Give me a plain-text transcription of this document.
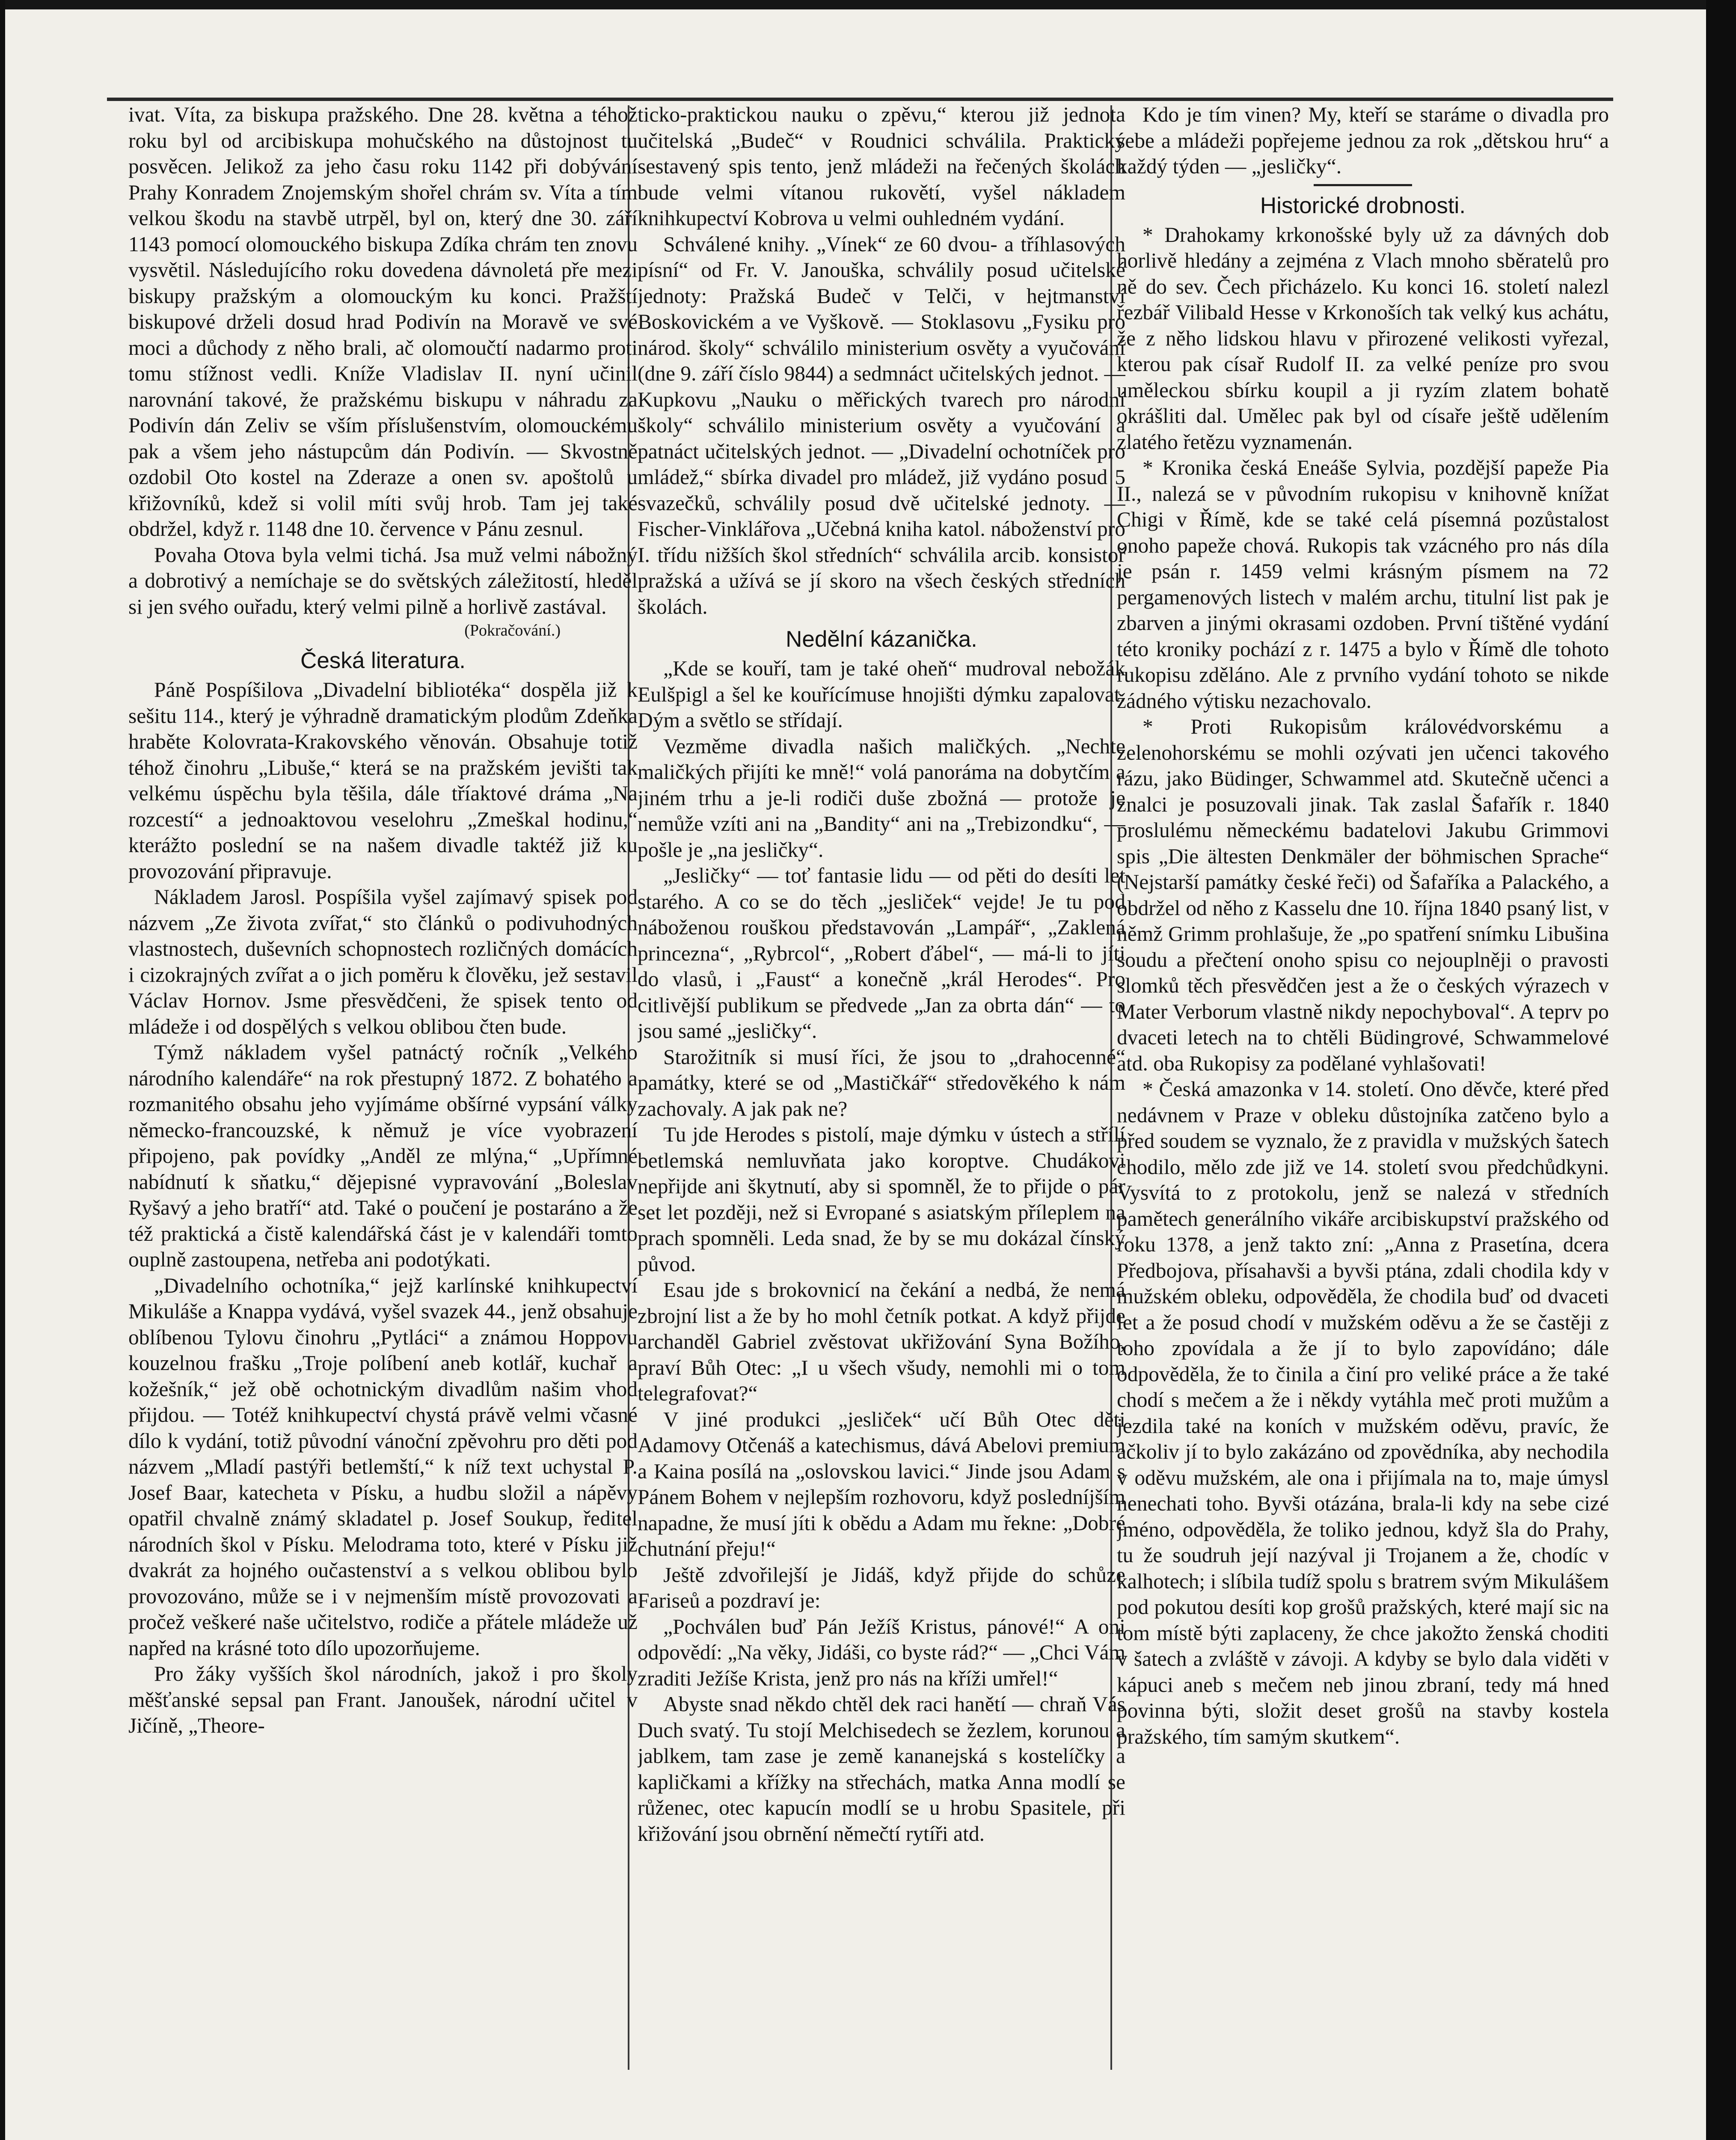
ivat. Víta, za biskupa pražského. Dne 28. května a téhož roku byl od arcibiskupa mohučského na důstojnost tu posvěcen. Jelikož za jeho času roku 1142 při dobývání Prahy Konradem Znojemským shořel chrám sv. Víta a tím velkou škodu na stavbě utrpěl, byl on, který dne 30. září 1143 pomocí olomouckého biskupa Zdíka chrám ten znovu vysvětil. Následujícího roku dovedena dávnoletá pře mezi biskupy pražským a olomouckým ku konci. Pražští biskupové drželi dosud hrad Podivín na Moravě ve své moci a důchody z něho brali, ač olomoučtí nadarmo proti tomu stížnost vedli. Kníže Vladislav II. nyní učinil narovnání takové, že pražskému biskupu v náhradu za Podivín dán Zeliv se vším příslušenstvím, olomouckému pak a všem jeho nástupcům dán Podivín. — Skvostně ozdobil Oto kostel na Zderaze a onen sv. apoštolů u křižovníků, kdež si volil míti svůj hrob. Tam jej také obdržel, když r. 1148 dne 10. července v Pánu zesnul.

Povaha Otova byla velmi tichá. Jsa muž velmi nábožný a dobrotivý a nemíchaje se do světských záležitostí, hleděl si jen svého ouřadu, který velmi pilně a horlivě zastával.

(Pokračování.)
Česká literatura.

Páně Pospíšilova „Divadelní bibliotéka“ dospěla již k sešitu 114., který je výhradně dramatickým plodům Zdeňka hraběte Kolovrata-Krakovského věnován. Obsahuje totiž téhož činohru „Libuše,“ která se na pražském jevišti tak velkému úspěchu byla těšila, dále tříaktové dráma „Na rozcestí“ a jednoaktovou veselohru „Zmeškal hodinu,“ kterážto poslední se na našem divadle taktéž již ku provozování připravuje.

Nákladem Jarosl. Pospíšila vyšel zajímavý spisek pod názvem „Ze života zvířat,“ sto článků o podivuhodných vlastnostech, duševních schopnostech rozličných domácích i cizokrajných zvířat a o jich poměru k člověku, jež sestavil Václav Hornov. Jsme přesvědčeni, že spisek tento od mládeže i od dospělých s velkou oblibou čten bude.

Týmž nákladem vyšel patnáctý ročník „Velkého národního kalendáře“ na rok přestupný 1872. Z bohatého a rozmanitého obsahu jeho vyjímáme obšírné vypsání války německo-francouzské, k němuž je více vyobrazení připojeno, pak povídky „Anděl ze mlýna,“ „Upřímné nabídnutí k sňatku,“ dějepisné vypravování „Boleslav Ryšavý a jeho bratří“ atd. Také o poučení je postaráno a že též praktická a čistě kalendářská část je v kalendáři tomto ouplně zastoupena, netřeba ani podotýkati.

„Divadelního ochotníka,“ jejž karlínské knihkupectví Mikuláše a Knappa vydává, vyšel svazek 44., jenž obsahuje oblíbenou Tylovu činohru „Pytláci“ a známou Hoppovu kouzelnou frašku „Troje políbení aneb kotlář, kuchař a kožešník,“ jež obě ochotnickým divadlům našim vhod přijdou. — Totéž knihkupectví chystá právě velmi včasné dílo k vydání, totiž původní vánoční zpěvohru pro děti pod názvem „Mladí pastýři betlemští,“ k níž text uchystal P. Josef Baar, katecheta v Písku, a hudbu složil a nápěvy opatřil chvalně známý skladatel p. Josef Soukup, ředitel národních škol v Písku. Melodrama toto, které v Písku již dvakrát za hojného oučastenství a s velkou oblibou bylo provozováno, může se i v nejmenším místě provozovati a pročež veškeré naše učitelstvo, rodiče a přátele mládeže už napřed na krásné toto dílo upozorňujeme.

Pro žáky vyšších škol národních, jakož i pro školy měšťanské sepsal pan Frant. Janoušek, národní učitel v Jičíně, „Theore-

ticko-praktickou nauku o zpěvu,“ kterou již jednota učitelská „Budeč“ v Roudnici schválila. Praktický sestavený spis tento, jenž mládeži na řečených školách bude velmi vítanou rukovětí, vyšel nákladem knihkupectví Kobrova u velmi ouhledném vydání.

Schválené knihy. „Vínek“ ze 60 dvou- a tříhlasových písní“ od Fr. V. Janouška, schválily posud učitelské jednoty: Pražská Budeč v Telči, v hejtmanství Boskovickém a ve Vyškově. — Stoklasovu „Fysiku pro národ. školy“ schválilo ministerium osvěty a vyučování (dne 9. září číslo 9844) a sedmnáct učitelských jednot. — Kupkovu „Nauku o měřických tvarech pro národní školy“ schválilo ministerium osvěty a vyučování a patnáct učitelských jednot. — „Divadelní ochotníček pro mládež,“ sbírka divadel pro mládež, již vydáno posud 5 svazečků, schválily posud dvě učitelské jednoty. — Fischer-Vinklářova „Učebná kniha katol. náboženství pro I. třídu nižších škol středních“ schválila arcib. konsistoř pražská a užívá se jí skoro na všech českých středních školách.

Nedělní kázanička.

„Kde se kouří, tam je také oheň“ mudroval nebožák Eulšpigl a šel ke kouřícímuse hnojišti dýmku zapalovat. Dým a světlo se střídají.

Vezměme divadla našich maličkých. „Nechte maličkých přijíti ke mně!“ volá panoráma na dobytčím a jiném trhu a je-li rodiči duše zbožná — protože je nemůže vzíti ani na „Bandity“ ani na „Trebizondku“, — pošle je „na jesličky“.

„Jesličky“ — toť fantasie lidu — od pěti do desíti let starého. A co se do těch „jesliček“ vejde! Je tu pod náboženou rouškou představován „Lampář“, „Zaklená princezna“, „Rybrcol“, „Robert ďábel“, — má-li to jíti do vlasů, i „Faust“ a konečně „král Herodes“. Pro citlivější publikum se předvede „Jan za obrta dán“ — to jsou samé „jesličky“.

Starožitník si musí říci, že jsou to „drahocenné“ památky, které se od „Mastičkář“ středověkého k nám zachovaly. A jak pak ne?

Tu jde Herodes s pistolí, maje dýmku v ústech a střílí betlemská nemluvňata jako koroptve. Chudákovi nepřijde ani škytnutí, aby si spomněl, že to přijde o pár set let později, než si Evropané s asiatským příleplem na prach spomněli. Leda snad, že by se mu dokázal čínský původ.

Esau jde s brokovnicí na čekání a nedbá, že nemá zbrojní list a že by ho mohl četník potkat. A když přijde archanděl Gabriel zvěstovat ukřižování Syna Božího, praví Bůh Otec: „I u všech všudy, nemohli mi o tom telegrafovat?“

V jiné produkci „jesliček“ učí Bůh Otec děti Adamovy Otčenáš a katechismus, dává Abelovi premium a Kaina posílá na „oslovskou lavici.“ Jinde jsou Adam s Pánem Bohem v nejlepším rozhovoru, když posledníjším napadne, že musí jíti k obědu a Adam mu řekne: „Dobré chutnání přeju!“

Ještě zdvořilejší je Jidáš, když přijde do schůze Fariseů a pozdraví je:

„Pochválen buď Pán Ježíš Kristus, pánové!“ A oni odpovědí: „Na věky, Jidáši, co byste rád?“ — „Chci Vám zraditi Ježíše Krista, jenž pro nás na kříži umřel!“

Abyste snad někdo chtěl dek raci hanětí — chraň Vás Duch svatý. Tu stojí Melchisedech se žezlem, korunou a jablkem, tam zase je země kananejská s kostelíčky a kapličkami a křížky na střechách, matka Anna modlí se růženec, otec kapucín modlí se u hrobu Spasitele, při křižování jsou obrnění němečtí rytíři atd.

Kdo je tím vinen? My, kteří se staráme o divadla pro sebe a mládeži popřejeme jednou za rok „dětskou hru“ a každý týden — „jesličky“.

Historické drobnosti.

* Drahokamy krkonošské byly už za dávných dob horlivě hledány a zejména z Vlach mnoho sběratelů pro ně do sev. Čech přicházelo. Ku konci 16. století nalezl řezbář Vilibald Hesse v Krkonoších tak velký kus achátu, že z něho lidskou hlavu v přirozené velikosti vyřezal, kterou pak císař Rudolf II. za velké peníze pro svou uměleckou sbírku koupil a ji ryzím zlatem bohatě okrášliti dal. Umělec pak byl od císaře ještě udělením zlatého řetězu vyznamenán.

* Kronika česká Eneáše Sylvia, pozdější papeže Pia II., nalezá se v původním rukopisu v knihovně knížat Chigi v Římě, kde se také celá písemná pozůstalost onoho papeže chová. Rukopis tak vzácného pro nás díla je psán r. 1459 velmi krásným písmem na 72 pergamenových listech v malém archu, titulní list pak je zbarven a jinými okrasami ozdoben. První tištěné vydání této kroniky pochází z r. 1475 a bylo v Římě dle tohoto rukopisu zděláno. Ale z prvního vydání tohoto se nikde žádného výtisku nezachovalo.

* Proti Rukopisům královédvorskému a zelenohorskému se mohli ozývati jen učenci takového rázu, jako Büdinger, Schwammel atd. Skutečně učenci a znalci je posuzovali jinak. Tak zaslal Šafařík r. 1840 proslulému německému badatelovi Jakubu Grimmovi spis „Die ältesten Denkmäler der böhmischen Sprache“ (Nejstarší památky české řeči) od Šafaříka a Palackého, a obdržel od něho z Kasselu dne 10. října 1840 psaný list, v němž Grimm prohlašuje, že „po spatření snímku Libušina soudu a přečtení onoho spisu co nejouplněji o pravosti slomků těch přesvědčen jest a že o českých výrazech v Mater Verborum vlastně nikdy nepochyboval“. A teprv po dvaceti letech na to chtěli Büdingrové, Schwammelové atd. oba Rukopisy za podělané vyhlašovati!

* Česká amazonka v 14. století. Ono děvče, které před nedávnem v Praze v obleku důstojníka zatčeno bylo a před soudem se vyznalo, že z pravidla v mužských šatech chodilo, mělo zde již ve 14. století svou předchůdkyni. Vysvítá to z protokolu, jenž se nalezá v středních pamětech generálního vikáře arcibiskupství pražského od roku 1378, a jenž takto zní: „Anna z Prasetína, dcera Předbojova, přísahavši a byvši ptána, zdali chodila kdy v mužském obleku, odpověděla, že chodila buď od dvaceti let a že posud chodí v mužském oděvu a že se častěji z toho zpovídala a že jí to bylo zapovídáno; dále odpověděla, že to činila a činí pro veliké práce a že také chodí s mečem a že i někdy vytáhla meč proti mužům a jezdila také na koních v mužském oděvu, pravíc, že ačkoliv jí to bylo zakázáno od zpovědníka, aby nechodila v oděvu mužském, ale ona i přijímala na to, maje úmysl nenechati toho. Byvši otázána, brala-li kdy na sebe cizé jméno, odpověděla, že toliko jednou, když šla do Prahy, tu že soudruh její nazýval ji Trojanem a že, chodíc v kalhotech; i slíbila tudíž spolu s bratrem svým Mikulášem pod pokutou desíti kop grošů pražských, které mají sic na tom místě býti zaplaceny, že chce jakožto ženská choditi v šatech a zvláště v závoji. A kdyby se bylo dala viděti v kápuci aneb s mečem neb jinou zbraní, tedy má hned povinna býti, složit deset grošů na stavby kostela pražského, tím samým skutkem“.
